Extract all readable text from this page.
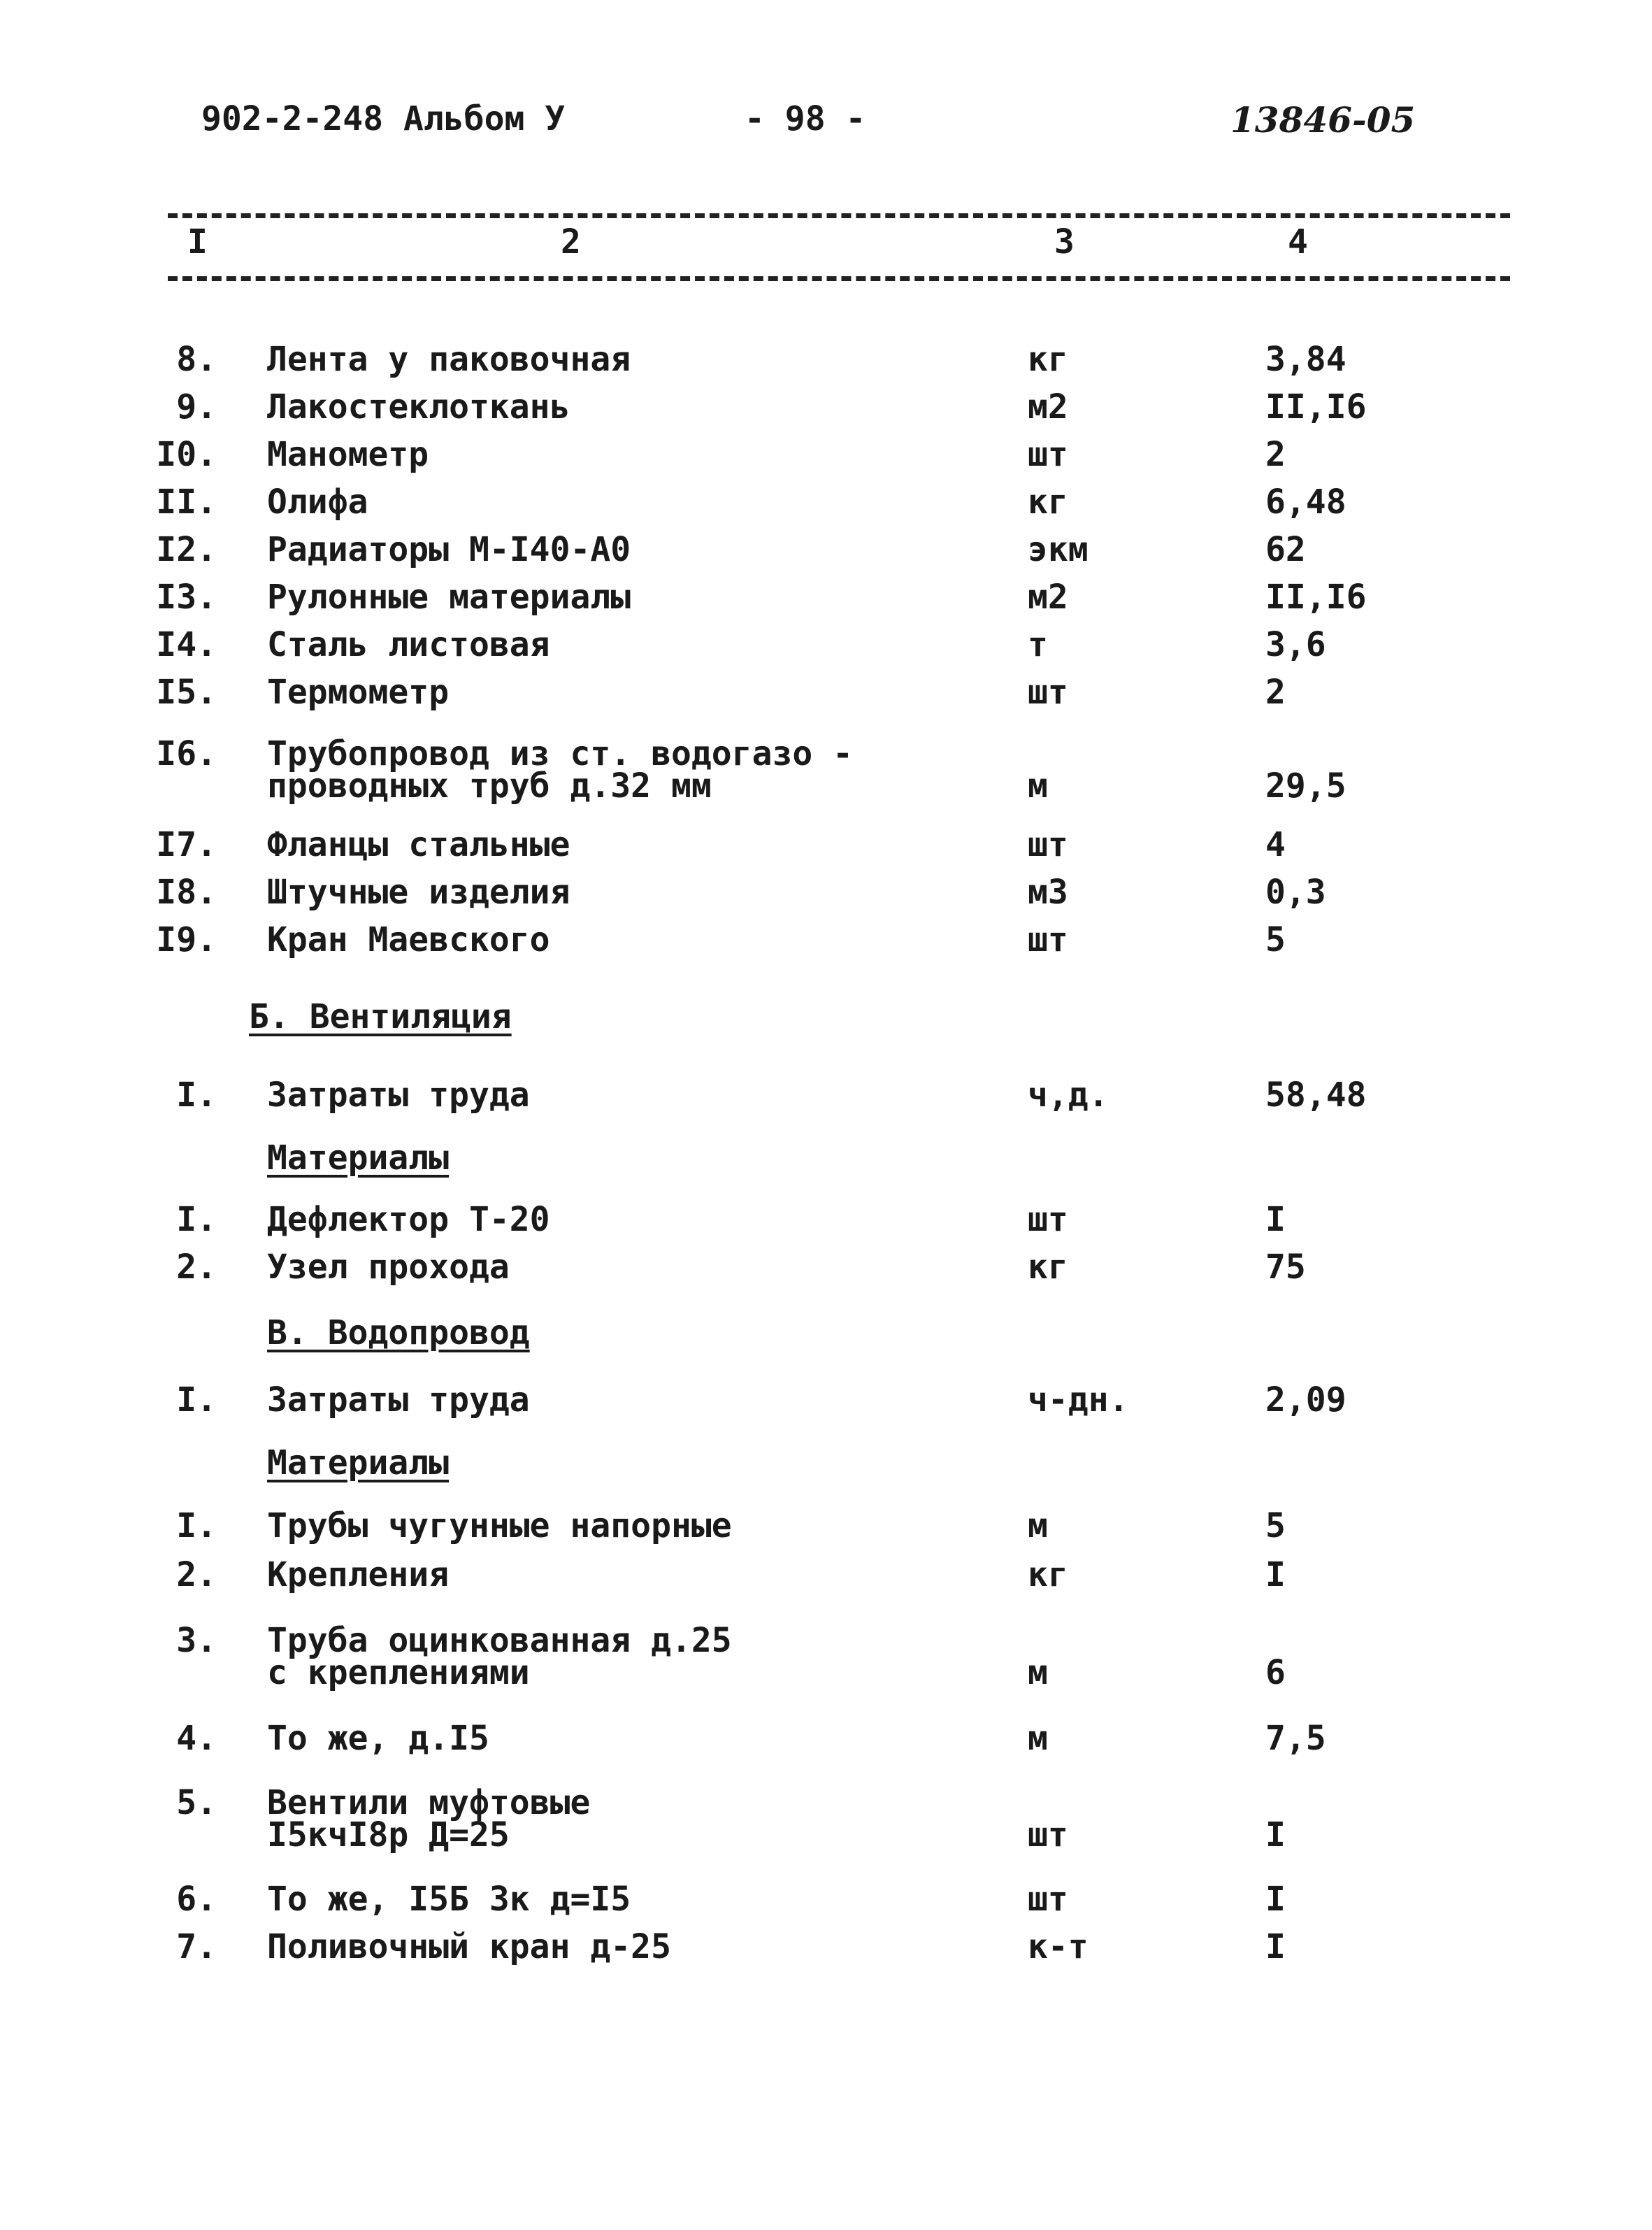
902-2-248 Альбом У	- 98 -	13846-05
I	2	3	4
8. Лента у паковочная	кг	3,84
9. Лакостеклоткань	м2	II,I6
I0. Манометр	шт	2
II. Олифа	кг	6,48
I2. Радиаторы М-I40-А0	экм	62
I3. Рулонные материалы	м2	II,I6
I4. Сталь листовая	т	3,6
I5. Термометр	шт	2
I6. Трубопровод из ст. водогазо -
проводных труб д.32 мм	м	29,5
I7. Фланцы стальные	шт	4
I8. Штучные изделия	м3	0,3
I9. Кран Маевского	шт	5
Б. Вентиляция
I. Затраты труда	ч,д.	58,48
Материалы
I. Дефлектор Т-20	шт	I
2. Узел прохода	кг	75
В. Водопровод
I. Затраты труда	ч-дн.	2,09
Материалы
I. Трубы чугунные напорные	м	5
2. Крепления	кг	I
3. Труба оцинкованная д.25
с креплениями	м	6
4. То же, д.I5	м	7,5
5. Вентили муфтовые
I5кчI8р Д=25	шт	I
6. То же, I5Б 3к д=I5	шт	I
7. Поливочный кран д-25	к-т	I
